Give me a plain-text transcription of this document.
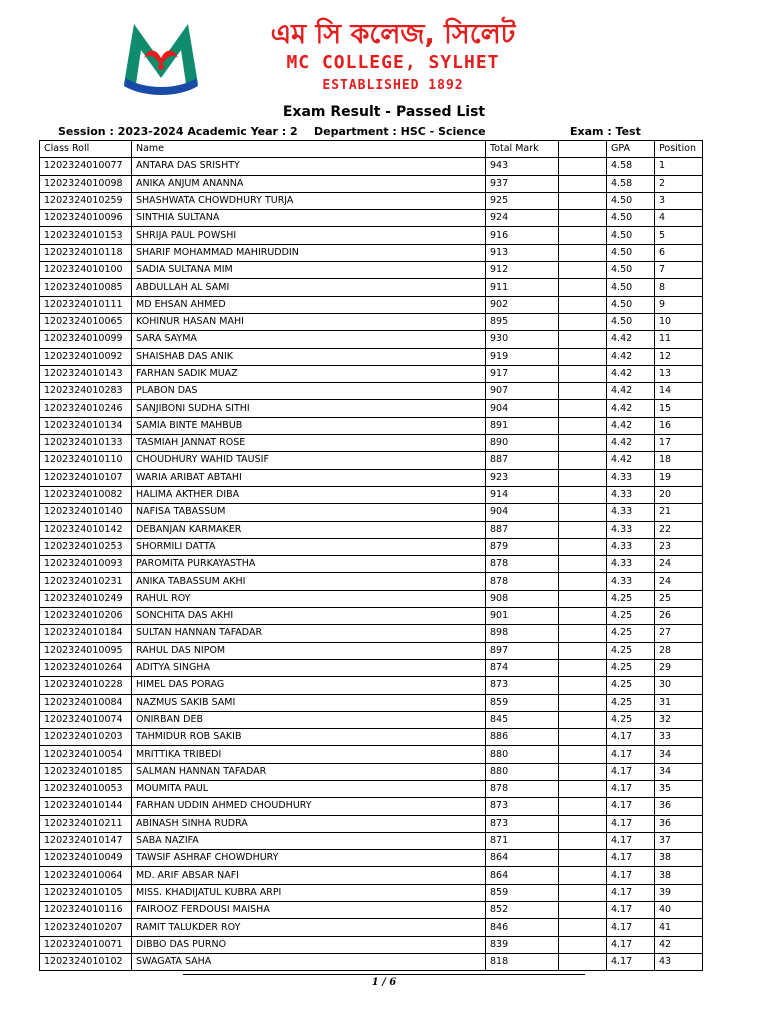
এম সি কলেজ, সিলেট
MC COLLEGE, SYLHET
ESTABLISHED 1892
Exam Result - Passed List
Session : 2023-2024 Academic Year : 2 Department : HSC - Science	Exam : Test
Class Roll	Name	Total Mark		GPA	Position
1202324010077	ANTARA DAS SRISHTY	943		4.58	1
1202324010098	ANIKA ANJUM ANANNA	937		4.58	2
1202324010259	SHASHWATA CHOWDHURY TURJA	925		4.50	3
1202324010096	SINTHIA SULTANA	924		4.50	4
1202324010153	SHRIJA PAUL POWSHI	916		4.50	5
1202324010118	SHARIF MOHAMMAD MAHIRUDDIN	913		4.50	6
1202324010100	SADIA SULTANA MIM	912		4.50	7
1202324010085	ABDULLAH AL SAMI	911		4.50	8
1202324010111	MD EHSAN AHMED	902		4.50	9
1202324010065	KOHINUR HASAN MAHI	895		4.50	10
1202324010099	SARA SAYMA	930		4.42	11
1202324010092	SHAISHAB DAS ANIK	919		4.42	12
1202324010143	FARHAN SADIK MUAZ	917		4.42	13
1202324010283	PLABON DAS	907		4.42	14
1202324010246	SANJIBONI SUDHA SITHI	904		4.42	15
1202324010134	SAMIA BINTE MAHBUB	891		4.42	16
1202324010133	TASMIAH JANNAT ROSE	890		4.42	17
1202324010110	CHOUDHURY WAHID TAUSIF	887		4.42	18
1202324010107	WARIA ARIBAT ABTAHI	923		4.33	19
1202324010082	HALIMA AKTHER DIBA	914		4.33	20
1202324010140	NAFISA TABASSUM	904		4.33	21
1202324010142	DEBANJAN KARMAKER	887		4.33	22
1202324010253	SHORMILI DATTA	879		4.33	23
1202324010093	PAROMITA PURKAYASTHA	878		4.33	24
1202324010231	ANIKA TABASSUM AKHI	878		4.33	24
1202324010249	RAHUL ROY	908		4.25	25
1202324010206	SONCHITA DAS AKHI	901		4.25	26
1202324010184	SULTAN HANNAN TAFADAR	898		4.25	27
1202324010095	RAHUL DAS NIPOM	897		4.25	28
1202324010264	ADITYA SINGHA	874		4.25	29
1202324010228	HIMEL DAS PORAG	873		4.25	30
1202324010084	NAZMUS SAKIB SAMI	859		4.25	31
1202324010074	ONIRBAN DEB	845		4.25	32
1202324010203	TAHMIDUR ROB SAKIB	886		4.17	33
1202324010054	MRITTIKA TRIBEDI	880		4.17	34
1202324010185	SALMAN HANNAN TAFADAR	880		4.17	34
1202324010053	MOUMITA PAUL	878		4.17	35
1202324010144	FARHAN UDDIN AHMED CHOUDHURY	873		4.17	36
1202324010211	ABINASH SINHA RUDRA	873		4.17	36
1202324010147	SABA NAZIFA	871		4.17	37
1202324010049	TAWSIF ASHRAF CHOWDHURY	864		4.17	38
1202324010064	MD. ARIF ABSAR NAFI	864		4.17	38
1202324010105	MISS. KHADIJATUL KUBRA ARPI	859		4.17	39
1202324010116	FAIROOZ FERDOUSI MAISHA	852		4.17	40
1202324010207	RAMIT TALUKDER ROY	846		4.17	41
1202324010071	DIBBO DAS PURNO	839		4.17	42
1202324010102	SWAGATA SAHA	818		4.17	43
1 / 6
